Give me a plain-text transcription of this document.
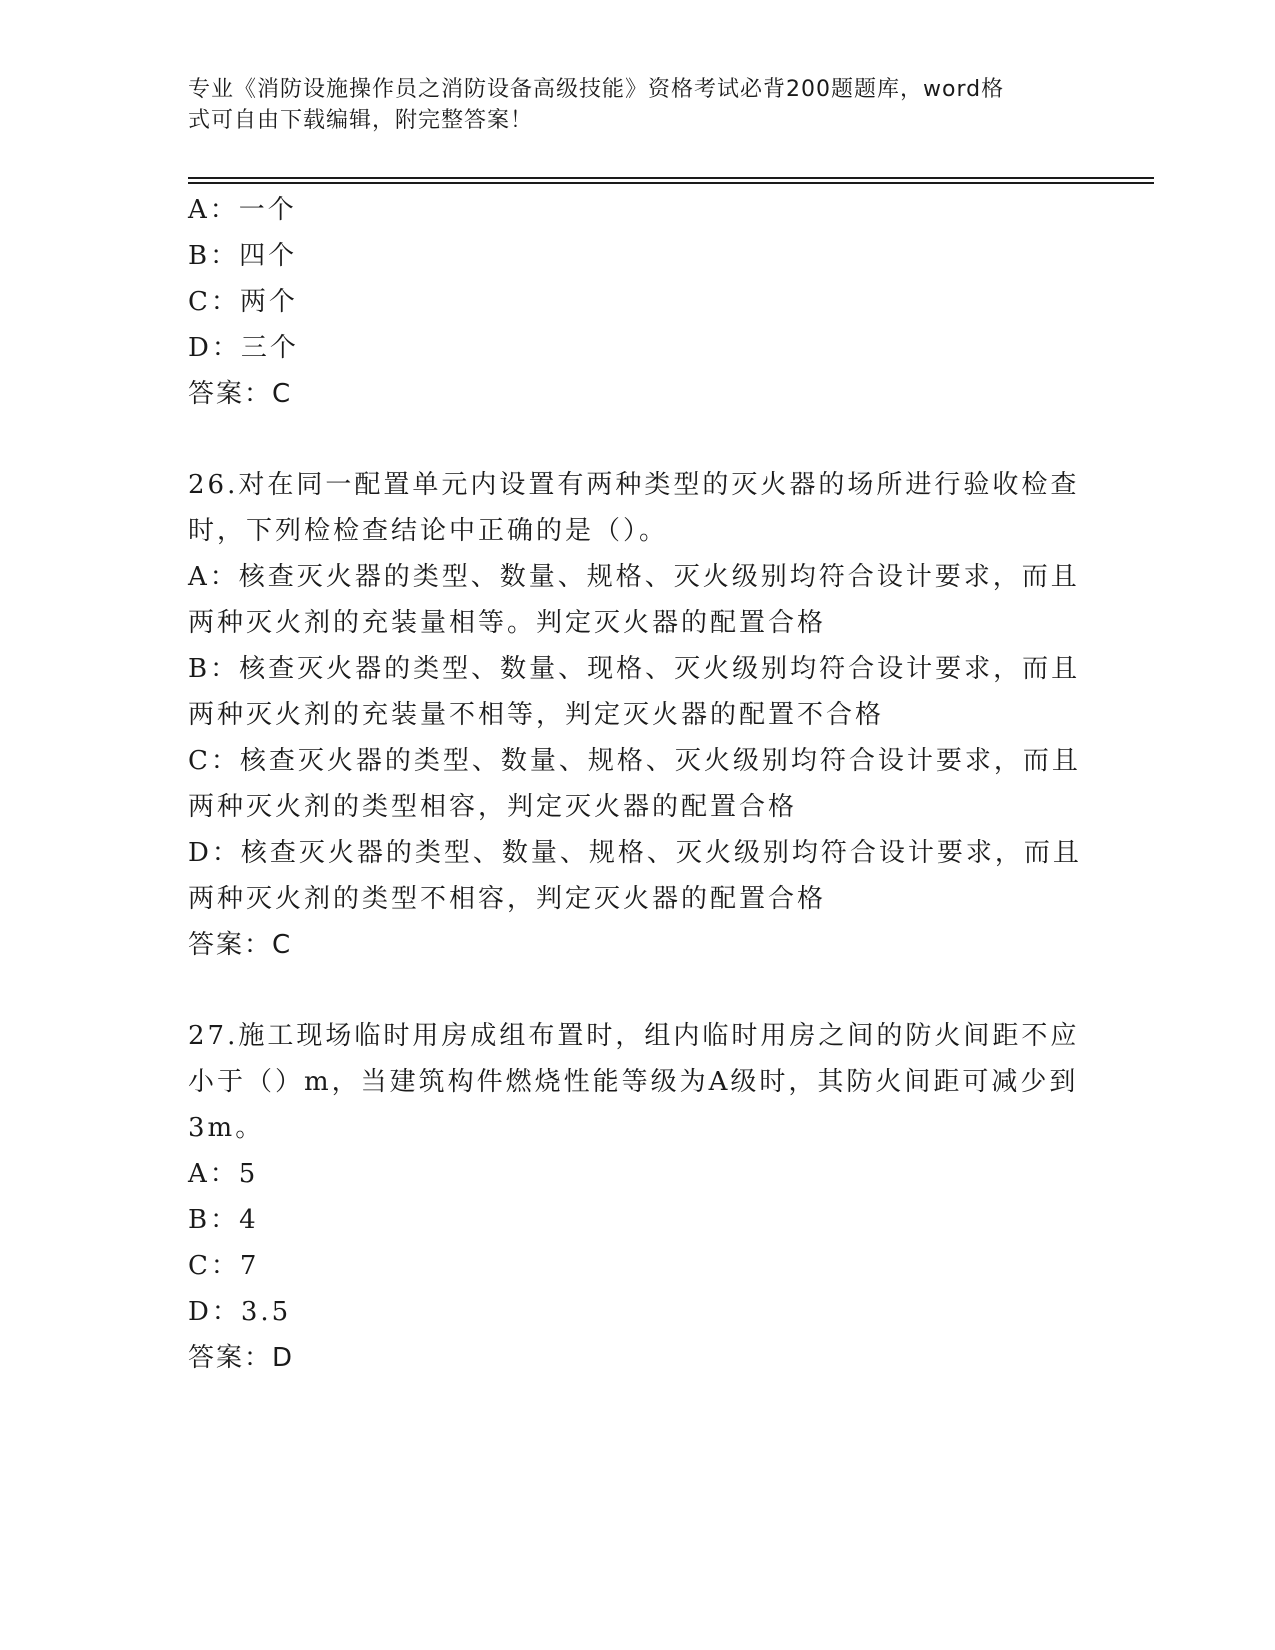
专业《消防设施操作员之消防设备高级技能》资格考试必背200题题库，word格
式可自由下载编辑，附完整答案！
A：一个
B：四个
C：两个
D：三个
答案：C
26.对在同一配置单元内设置有两种类型的灭火器的场所进行验收检查
时，下列检检查结论中正确的是（）。
A：核查灭火器的类型、数量、规格、灭火级别均符合设计要求，而且
两种灭火剂的充装量相等。判定灭火器的配置合格
B：核查灭火器的类型、数量、现格、灭火级别均符合设计要求，而且
两种灭火剂的充装量不相等，判定灭火器的配置不合格
C：核查灭火器的类型、数量、规格、灭火级别均符合设计要求，而且
两种灭火剂的类型相容，判定灭火器的配置合格
D：核查灭火器的类型、数量、规格、灭火级别均符合设计要求，而且
两种灭火剂的类型不相容，判定灭火器的配置合格
答案：C
27.施工现场临时用房成组布置时，组内临时用房之间的防火间距不应
小于（）m，当建筑构件燃烧性能等级为A级时，其防火间距可减少到
3m。
A：5
B：4
C：7
D：3.5
答案：D
